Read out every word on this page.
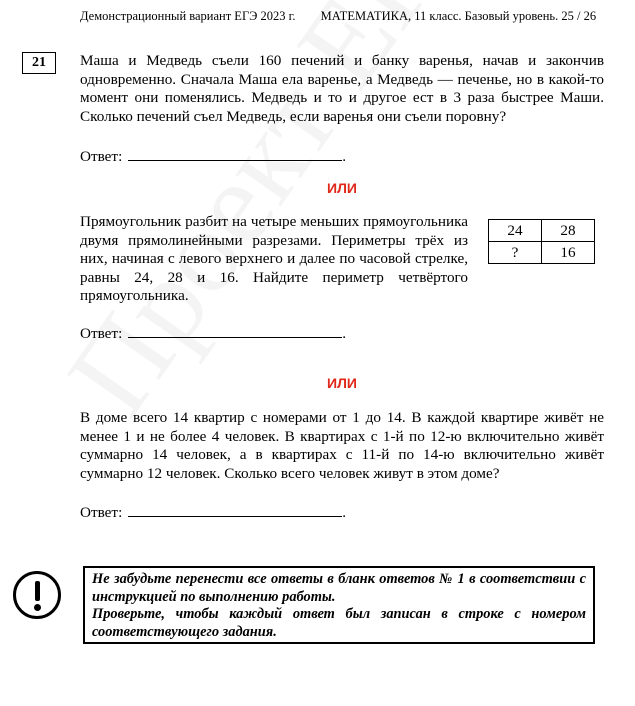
Демонстрационный вариант ЕГЭ 2023 г. МАТЕМАТИКА, 11 класс. Базовый уровень. 25 / 26
21	Маша и Медведь съели 160 печений и банку варенья, начав и закончив одновременно. Сначала Маша ела варенье, а Медведь — печенье, но в какой-то момент они поменялись. Медведь и то и другое ест в 3 раза быстрее Маши. Сколько печений съел Медведь, если варенья они съели поровну?
Ответ:	.
ИЛИ
Прямоугольник разбит на четыре меньших прямоугольника двумя прямолинейными разрезами. Периметры трёх из них, начиная с левого верхнего и далее по часовой стрелке, равны 24, 28 и 16. Найдите периметр четвёртого прямоугольника.
24	28
?	16
Ответ:	.
ИЛИ
В доме всего 14 квартир с номерами от 1 до 14. В каждой квартире живёт не менее 1 и не более 4 человек. В квартирах с 1-й по 12-ю включительно живёт суммарно 14 человек, а в квартирах с 11-й по 14-ю включительно живёт суммарно 12 человек. Сколько всего человек живут в этом доме?
Ответ:	.
Не забудьте перенести все ответы в бланк ответов № 1 в соответствии с инструкцией по выполнению работы.
Проверьте, чтобы каждый ответ был записан в строке с номером соответствующего задания.
